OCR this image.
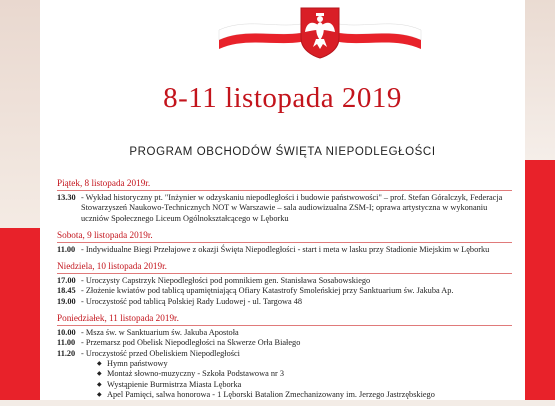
8-11 listopada 2019
PROGRAM OBCHODÓW ŚWIĘTA NIEPODLEGŁOŚCI
Piątek, 8 listopada 2019r.
13.30 - Wykład historyczny pt. "Inżynier w odzyskaniu niepodległości i budowie państwowości" – prof. Stefan Góralczyk, Federacja Stowarzyszeń Naukowo-Technicznych NOT w Warszawie – sala audiowizualna ZSM-I; oprawa artystyczna w wykonaniu uczniów Społecznego Liceum Ogólnokształcącego w Lęborku
Sobota, 9 listopada 2019r.
11.00 - Indywidualne Biegi Przełajowe z okazji Święta Niepodległości - start i meta w lasku przy Stadionie Miejskim w Lęborku
Niedziela, 10 listopada 2019r.
17.00 - Uroczysty Capstrzyk Niepodległości pod pomnikiem gen. Stanisława Sosabowskiego
18.45 - Złożenie kwiatów pod tablicą upamiętniającą Ofiary Katastrofy Smoleńskiej przy Sanktuarium św. Jakuba Ap.
19.00 - Uroczystość pod tablicą Polskiej Rady Ludowej - ul. Targowa 48
Poniedziałek, 11 listopada 2019r.
10.00 - Msza św. w Sanktuarium św. Jakuba Apostoła
11.00 - Przemarsz pod Obelisk Niepodległości na Skwerze Orła Białego
11.20 - Uroczystość przed Obeliskiem Niepodległości
◆ Hymn państwowy
◆ Montaż słowno-muzyczny - Szkoła Podstawowa nr 3
◆ Wystąpienie Burmistrza Miasta Lęborka
◆ Apel Pamięci, salwa honorowa - 1 Lęborski Batalion Zmechanizowany im. Jerzego Jastrzębskiego
